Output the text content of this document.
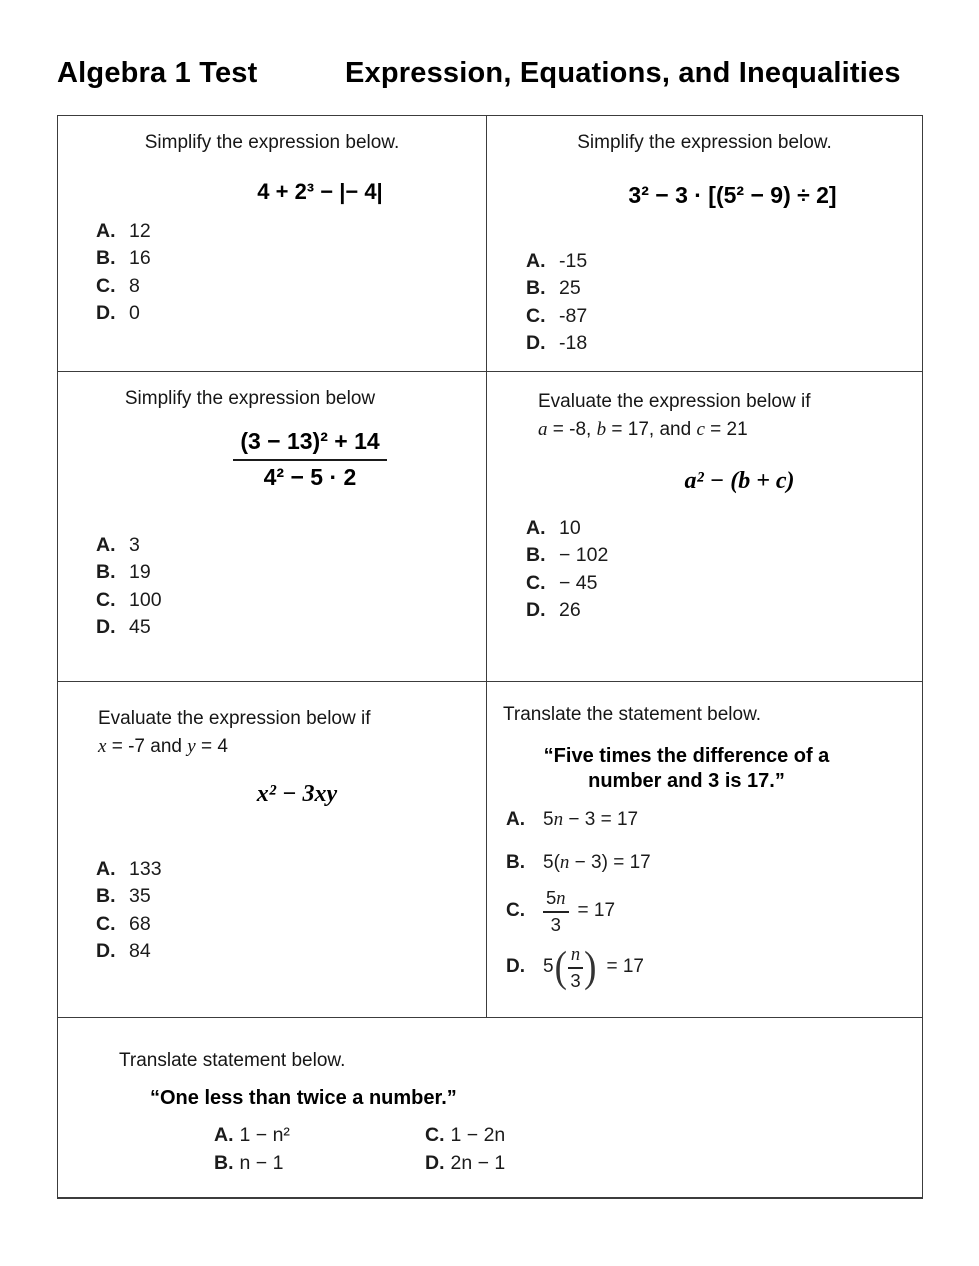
Algebra 1 Test	Expression, Equations, and Inequalities
Simplify the expression below.
4 + 2³ − |− 4|
A. 12
B. 16
C. 8
D. 0
Simplify the expression below.
3² − 3 · [(5² − 9) ÷ 2]
A. -15
B. 25
C. -87
D. -18
Simplify the expression below
(3 − 13)² + 14
4² − 5 · 2
A. 3
B. 19
C. 100
D. 45
Evaluate the expression below if
a = -8, b = 17, and c = 21
a² − (b + c)
A. 10
B. − 102
C. − 45
D. 26
Evaluate the expression below if
x = -7 and y = 4
x² − 3xy
A. 133
B. 35
C. 68
D. 84
Translate the statement below.
“Five times the difference of a
number and 3 is 17.”
A. 5n − 3 = 17
B. 5(n − 3) = 17
C. $\frac{5n}{3} = 17$
D. 5 ( $\frac{n}{3}$ ) = 17
Translate statement below.
“One less than twice a number.”
A. 1 − n²	C. 1 − 2n
B. n − 1	D. 2n − 1
